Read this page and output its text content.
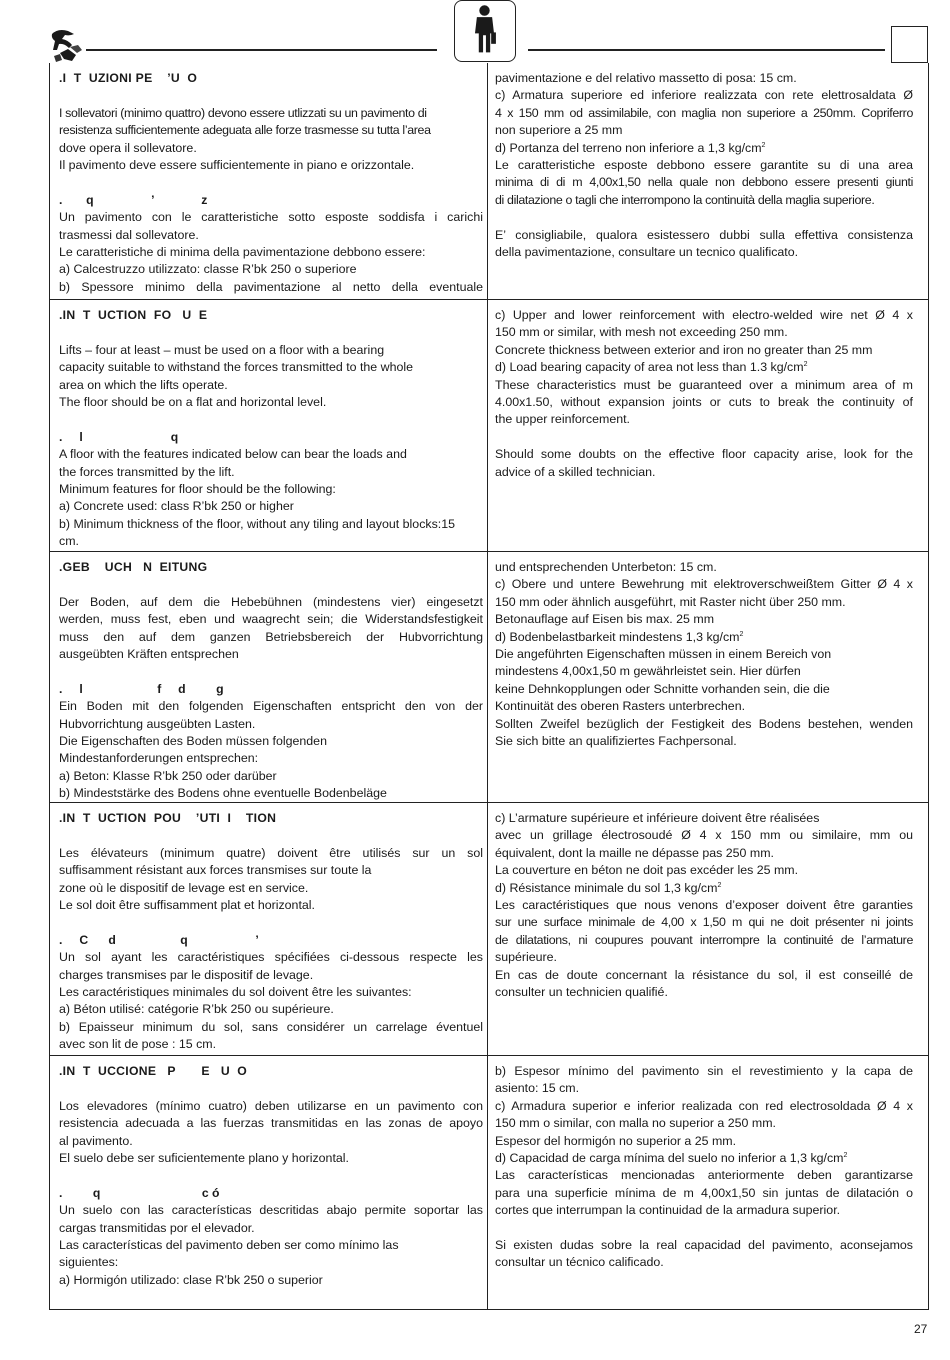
.I  T  UZIONI PE    ’U  O

I sollevatori (minimo quattro) devono essere utlizzati su un pavimento di

resistenza sufficientemente adeguata alle forze trasmesse su tutta l’area

dove opera il sollevatore.

Il pavimento deve essere sufficientemente in piano e orizzontale.

.       q                 ’              z

Un pavimento con le caratteristiche sotto esposte soddisfa i carichi

trasmessi dal sollevatore.

Le caratteristiche di minima della pavimentazione debbono essere:

a) Calcestruzzo utilizzato: classe R’bk 250 o superiore

b) Spessore minimo della pavimentazione al netto della eventuale

pavimentazione e del relativo massetto di posa: 15 cm.

c) Armatura superiore ed inferiore realizzata con rete elettrosaldata Ø

4 x 150 mm od assimilabile, con maglia non superiore a 250mm. Copriferro

non superiore a 25 mm

d) Portanza del terreno non inferiore a 1,3 $kg/cm^2$

Le caratteristiche esposte debbono essere garantite su di una area

minima di di m 4,00x1,50 nella quale non debbono essere presenti giunti

di dilatazione o tagli che interrompono la continuità della maglia superiore.

E’ consigliabile, qualora esistessero dubbi sulla effettiva consistenza

della pavimentazione, consultare un tecnico qualificato.

.IN  T  UCTION  FO   U  E

Lifts – four at least – must be used on a floor with a bearing

capacity suitable to withstand the forces transmitted to the whole

area on which the lifts operate.

The floor should be on a flat and horizontal level.

.     l                          q

A floor with the features indicated below can bear the loads and

the forces transmitted by the lift.

Minimum features for floor should be the following:

a) Concrete used: class R’bk 250 or higher

b) Minimum thickness of the floor, without any tiling and layout blocks:15

cm.

c) Upper and lower reinforcement with electro-welded wire net Ø 4 x

150 mm or similar, with mesh not exceeding 250 mm.

Concrete thickness between exterior and iron no greater than 25 mm

d) Load bearing capacity of area not less than 1.3 $kg/cm^2$

These characteristics must be guaranteed over a minimum area of m

4.00x1.50, without expansion joints or cuts to break the continuity of

the upper reinforcement.

Should some doubts on the effective floor capacity arise, look for the

advice of a skilled technician.

.GEB    UCH   N  EITUNG

Der Boden, auf dem die Hebebühnen (mindestens vier) eingesetzt

werden, muss fest, eben und waagrecht sein; die Widerstandsfestigkeit

muss den auf dem ganzen Betriebsbereich der Hubvorrichtung

ausgeübten Kräften entsprechen

.     l                      f     d         g

Ein Boden mit den folgenden Eigenschaften entspricht den von der

Hubvorrichtung ausgeübten Lasten.

Die Eigenschaften des Boden müssen folgenden

Mindestanforderungen entsprechen:

a) Beton: Klasse R’bk 250 oder darüber

b) Mindeststärke des Bodens ohne eventuelle Bodenbeläge

und entsprechenden Unterbeton: 15 cm.

c) Obere und untere Bewehrung mit elektroverschweißtem Gitter Ø 4 x

150 mm oder ähnlich ausgeführt, mit Raster nicht über 250 mm.

Betonauflage auf Eisen bis max. 25 mm

d) Bodenbelastbarkeit mindestens 1,3 $kg/cm^2$

Die angeführten Eigenschaften müssen in einem Bereich von

mindestens 4,00x1,50 m gewährleistet sein. Hier dürfen

keine Dehnkopplungen oder Schnitte vorhanden sein, die die

Kontinuität des oberen Rasters unterbrechen.

Sollten Zweifel bezüglich der Festigkeit des Bodens bestehen, wenden

Sie sich bitte an qualifiziertes Fachpersonal.

.IN  T  UCTION  POU    ’UTI  I    TION

Les élévateurs (minimum quatre) doivent être utilisés sur un sol

suffisamment résistant aux forces transmises sur toute la

zone où le dispositif de levage est en service.

Le sol doit être suffisamment plat et horizontal.

.     C      d                   q                    ’

Un sol ayant les caractéristiques spécifiées ci-dessous respecte les

charges transmises par le dispositif de levage.

Les caractéristiques minimales du sol doivent être les suivantes:

a) Béton utilisé: catégorie R’bk 250 ou supérieure.

b) Epaisseur minimum du sol, sans considérer un carrelage éventuel

avec son lit de pose : 15 cm.

c) L’armature supérieure et inférieure doivent être réalisées

avec un grillage électrosoudé Ø 4 x 150 mm ou similaire, mm ou

équivalent, dont la maille ne dépasse pas 250 mm.

La couverture en béton ne doit pas excéder les 25 mm.

d) Résistance minimale du sol 1,3 $kg/cm^2$

Les caractéristiques que nous venons d’exposer doivent être garanties

sur une surface minimale de 4,00 x 1,50 m qui ne doit présenter ni joints

de dilatations, ni coupures pouvant interrompre la continuité de l’armature

supérieure.

En cas de doute concernant la résistance du sol, il est conseillé de

consulter un technicien qualifié.

.IN  T  UCCIONE   P       E   U  O

Los elevadores (mínimo cuatro) deben utilizarse en un pavimento con

resistencia adecuada a las fuerzas transmitidas en las zonas de apoyo

al pavimento.

El suelo debe ser suficientemente plano y horizontal.

.         q                              c ó

Un suelo con las características descritidas abajo permite soportar las

cargas transmitidas por el elevador.

Las características del pavimento deben ser como mínimo las

siguientes:

a) Hormigón utilizado: clase R’bk 250 o superior

b) Espesor mínimo del pavimento sin el revestimiento y la capa de

asiento: 15 cm.

c) Armadura superior e inferior realizada con red electrosoldada Ø 4 x

150 mm o similar, con malla no superior a 250 mm.

Espesor del hormigón no superior a 25 mm.

d) Capacidad de carga mínima del suelo no inferior a 1,3 $kg/cm^2$

Las características mencionadas anteriormente deben garantizarse

para una superficie mínima de m 4,00x1,50 sin juntas de dilatación o

cortes que interrumpan la continuidad de la armadura superior.

Si existen dudas sobre la real capacidad del pavimento, aconsejamos

consultar un técnico calificado.

27
